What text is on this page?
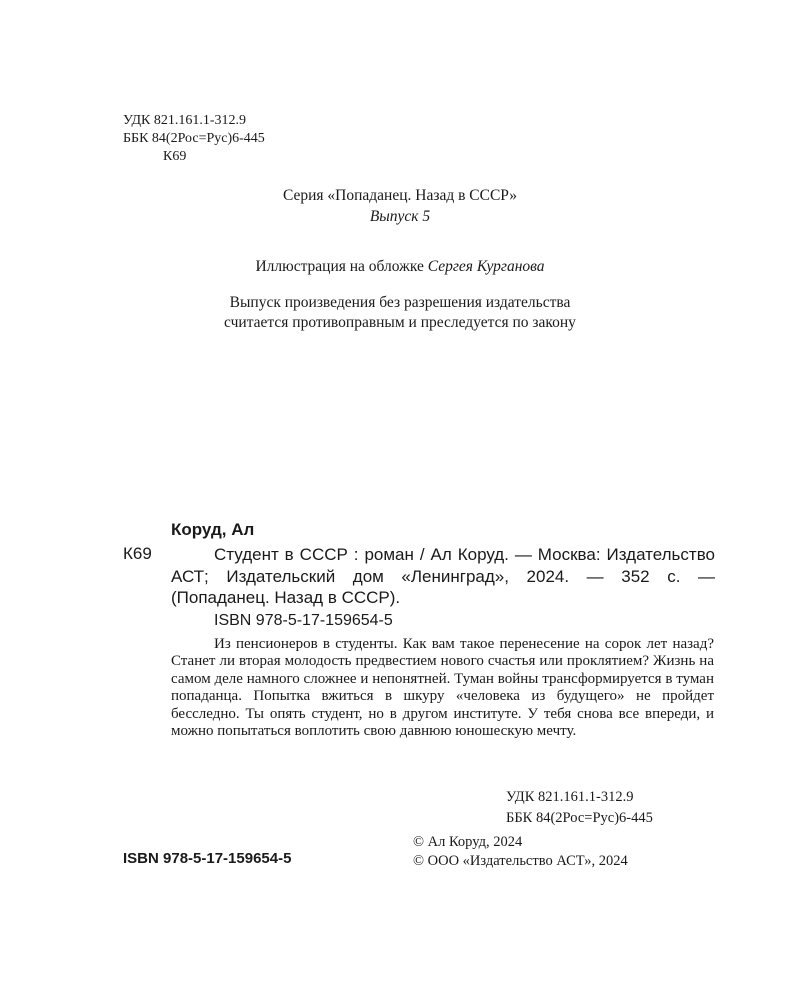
УДК 821.161.1-312.9
ББК 84(2Рос=Рус)6-445
К69
Серия «Попаданец. Назад в СССР»
Выпуск 5
Иллюстрация на обложке Сергея Курганова
Выпуск произведения без разрешения издательства
считается противоправным и преследуется по закону
Коруд, Ал
К69	Студент в СССР : роман / Ал Коруд. — Москва: Издательство АСТ; Издательский дом «Ленинград», 2024. — 352 с. — (Попаданец. Назад в СССР).
ISBN 978-5-17-159654-5

Из пенсионеров в студенты. Как вам такое перенесение на сорок лет назад? Станет ли вторая молодость предвестием нового счастья или проклятием? Жизнь на самом деле намного сложнее и непонятней. Туман войны трансформируется в туман попаданца. Попытка вжиться в шкуру «человека из будущего» не пройдет бесследно. Ты опять студент, но в другом институте. У тебя снова все впереди, и можно попытаться воплотить свою давнюю юношескую мечту.

УДК 821.161.1-312.9
ББК 84(2Рос=Рус)6-445
ISBN 978-5-17-159654-5
© Ал Коруд, 2024
© ООО «Издательство АСТ», 2024
